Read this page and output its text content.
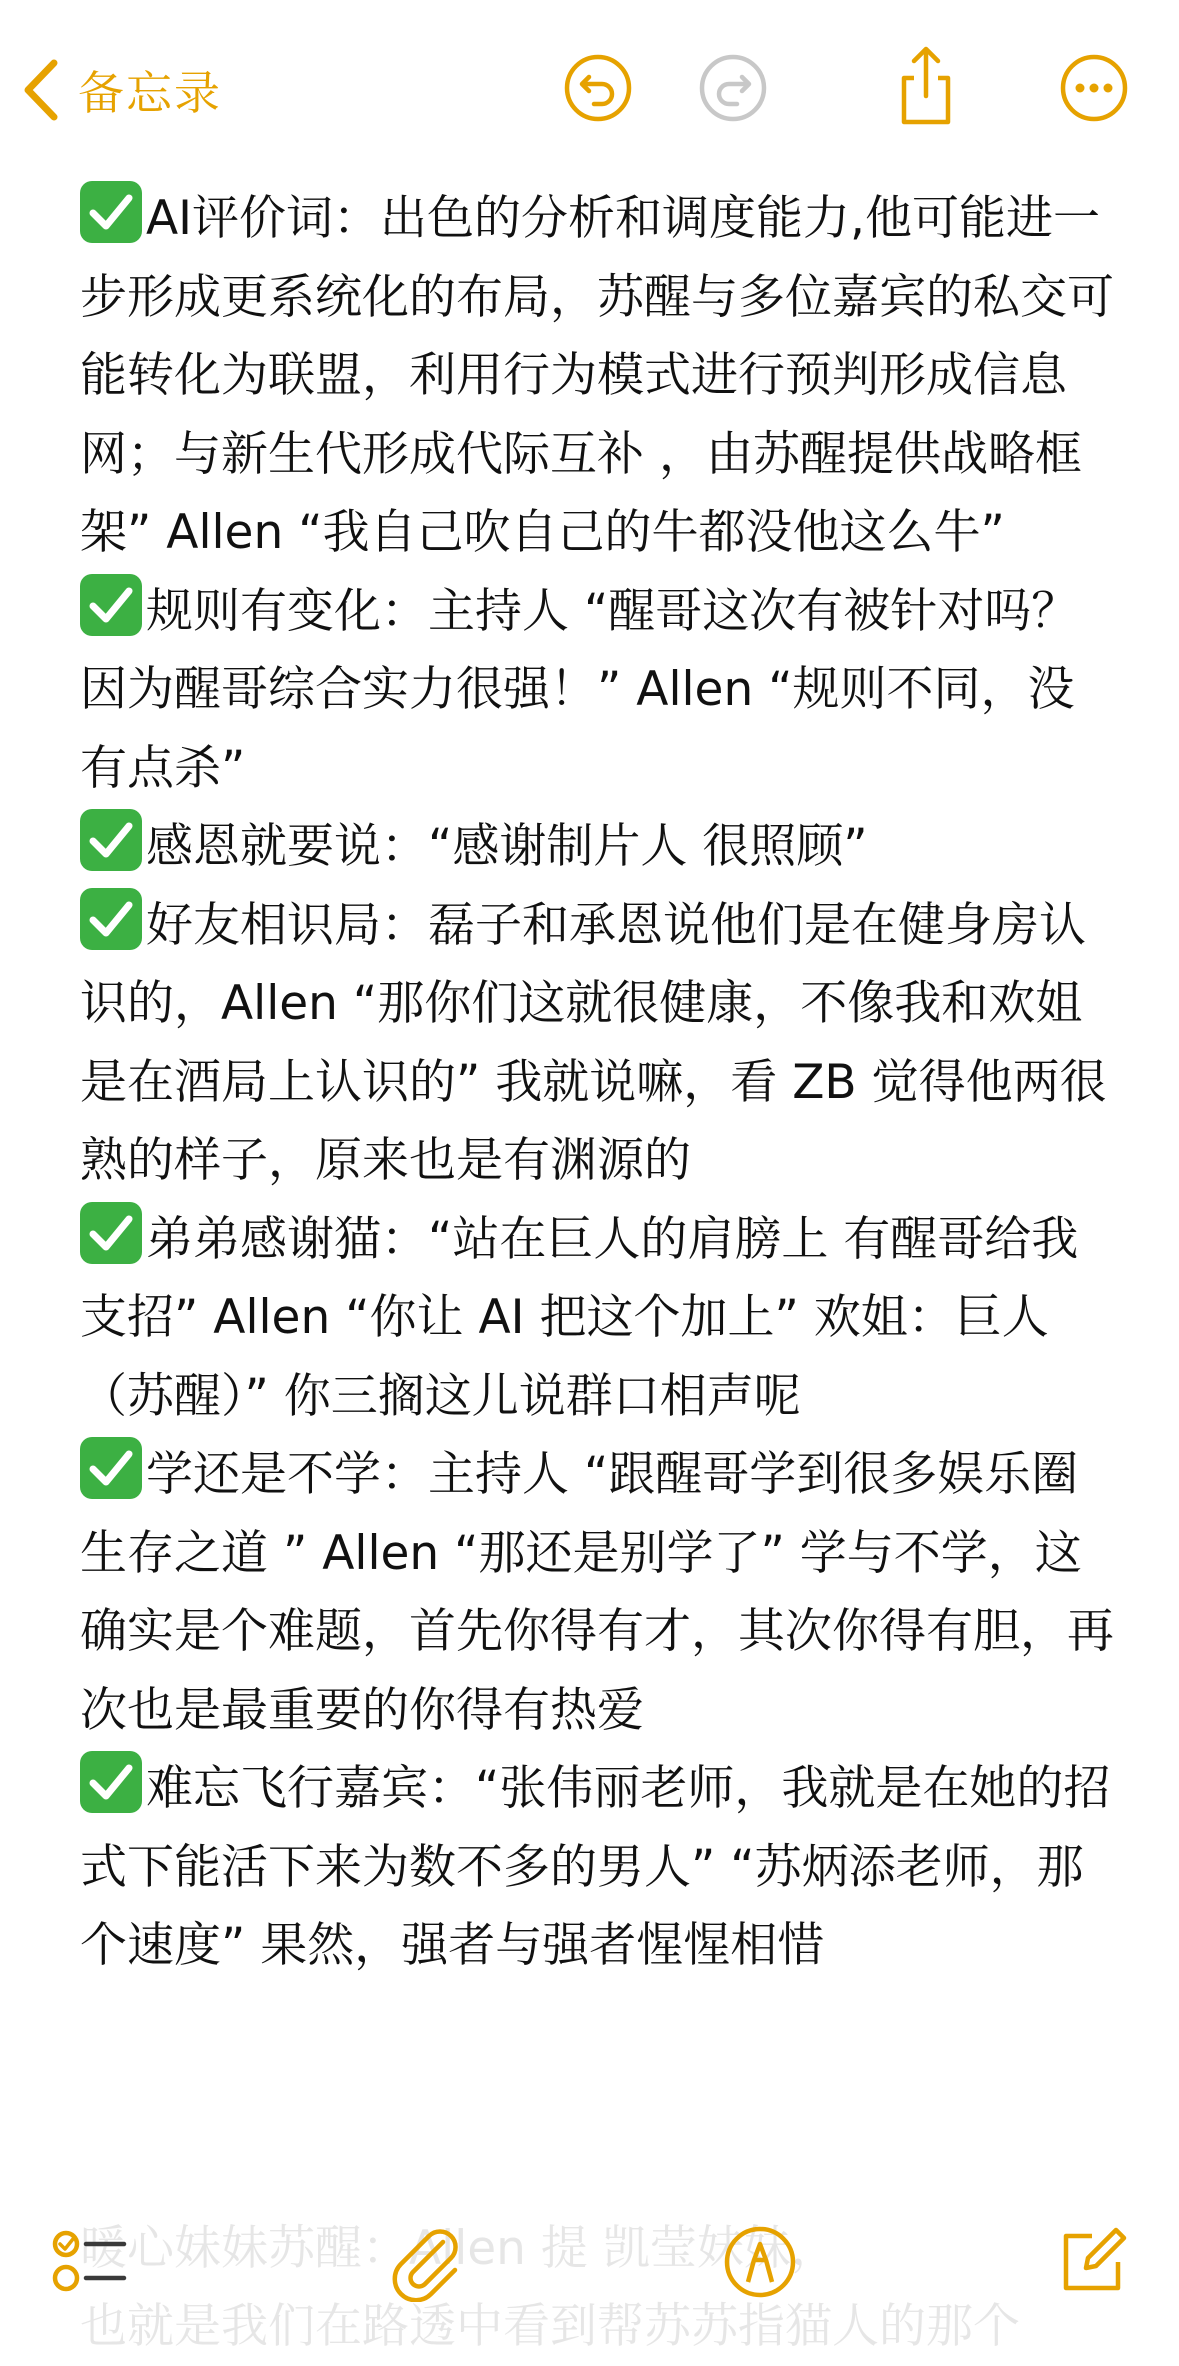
备忘录

AI评价词：出色的分析和调度能力,他可能进一步形成更系统化的布局，苏醒与多位嘉宾的私交可能转化为联盟，利用行为模式进行预判形成信息网；与新生代形成代际互补 ，由苏醒提供战略框架” Allen “我自己吹自己的牛都没他这么牛”

规则有变化：主持人 “醒哥这次有被针对吗？因为醒哥综合实力很强！” Allen “规则不同，没有点杀”

感恩就要说：“感谢制片人 很照顾”

好友相识局：磊子和承恩说他们是在健身房认识的，Allen “那你们这就很健康，不像我和欢姐是在酒局上认识的” 我就说嘛，看 ZB 觉得他两很熟的样子，原来也是有渊源的

弟弟感谢猫：“站在巨人的肩膀上 有醒哥给我支招” Allen “你让 AI 把这个加上” 欢姐：巨人（苏醒）” 你三搁这儿说群口相声呢

学还是不学：主持人 “跟醒哥学到很多娱乐圈生存之道 ” Allen “那还是别学了” 学与不学，这确实是个难题，首先你得有才，其次你得有胆，再次也是最重要的你得有热爱

难忘飞行嘉宾：“张伟丽老师，我就是在她的招式下能活下来为数不多的男人” “苏炳添老师，那个速度” 果然，强者与强者惺惺相惜

暖心妹妹苏醒：Allen 提 凯莹妹妹，
也就是我们在路透中看到帮苏苏指猫人的那个
